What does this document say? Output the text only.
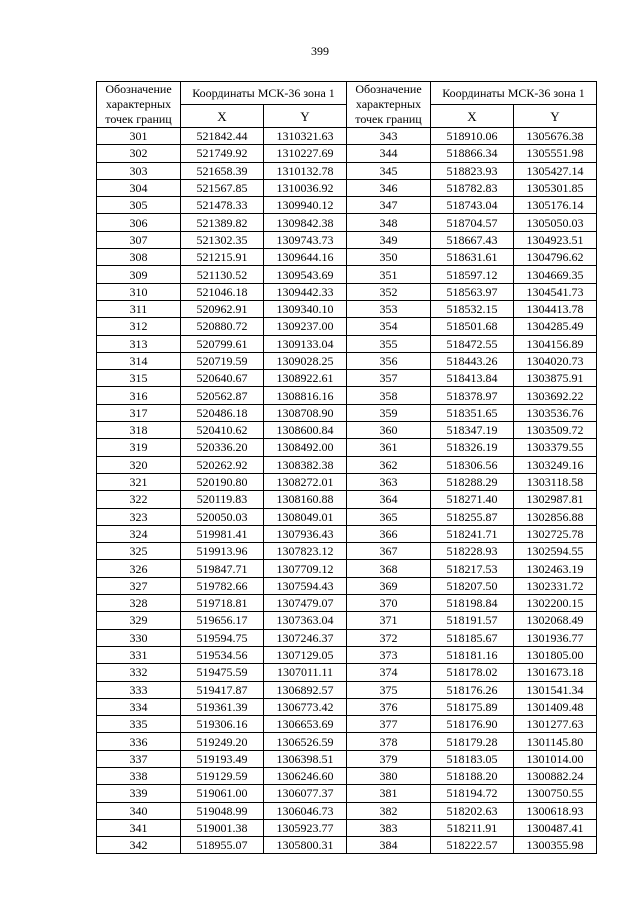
399
Обозначение характерных точек границ	Координаты МСК-36 зона 1		Обозначение характерных точек границ	Координаты МСК-36 зона 1	
	X	Y		X	Y
301	521842.44	1310321.63	343	518910.06	1305676.38
302	521749.92	1310227.69	344	518866.34	1305551.98
303	521658.39	1310132.78	345	518823.93	1305427.14
304	521567.85	1310036.92	346	518782.83	1305301.85
305	521478.33	1309940.12	347	518743.04	1305176.14
306	521389.82	1309842.38	348	518704.57	1305050.03
307	521302.35	1309743.73	349	518667.43	1304923.51
308	521215.91	1309644.16	350	518631.61	1304796.62
309	521130.52	1309543.69	351	518597.12	1304669.35
310	521046.18	1309442.33	352	518563.97	1304541.73
311	520962.91	1309340.10	353	518532.15	1304413.78
312	520880.72	1309237.00	354	518501.68	1304285.49
313	520799.61	1309133.04	355	518472.55	1304156.89
314	520719.59	1309028.25	356	518443.26	1304020.73
315	520640.67	1308922.61	357	518413.84	1303875.91
316	520562.87	1308816.16	358	518378.97	1303692.22
317	520486.18	1308708.90	359	518351.65	1303536.76
318	520410.62	1308600.84	360	518347.19	1303509.72
319	520336.20	1308492.00	361	518326.19	1303379.55
320	520262.92	1308382.38	362	518306.56	1303249.16
321	520190.80	1308272.01	363	518288.29	1303118.58
322	520119.83	1308160.88	364	518271.40	1302987.81
323	520050.03	1308049.01	365	518255.87	1302856.88
324	519981.41	1307936.43	366	518241.71	1302725.78
325	519913.96	1307823.12	367	518228.93	1302594.55
326	519847.71	1307709.12	368	518217.53	1302463.19
327	519782.66	1307594.43	369	518207.50	1302331.72
328	519718.81	1307479.07	370	518198.84	1302200.15
329	519656.17	1307363.04	371	518191.57	1302068.49
330	519594.75	1307246.37	372	518185.67	1301936.77
331	519534.56	1307129.05	373	518181.16	1301805.00
332	519475.59	1307011.11	374	518178.02	1301673.18
333	519417.87	1306892.57	375	518176.26	1301541.34
334	519361.39	1306773.42	376	518175.89	1301409.48
335	519306.16	1306653.69	377	518176.90	1301277.63
336	519249.20	1306526.59	378	518179.28	1301145.80
337	519193.49	1306398.51	379	518183.05	1301014.00
338	519129.59	1306246.60	380	518188.20	1300882.24
339	519061.00	1306077.37	381	518194.72	1300750.55
340	519048.99	1306046.73	382	518202.63	1300618.93
341	519001.38	1305923.77	383	518211.91	1300487.41
342	518955.07	1305800.31	384	518222.57	1300355.98
